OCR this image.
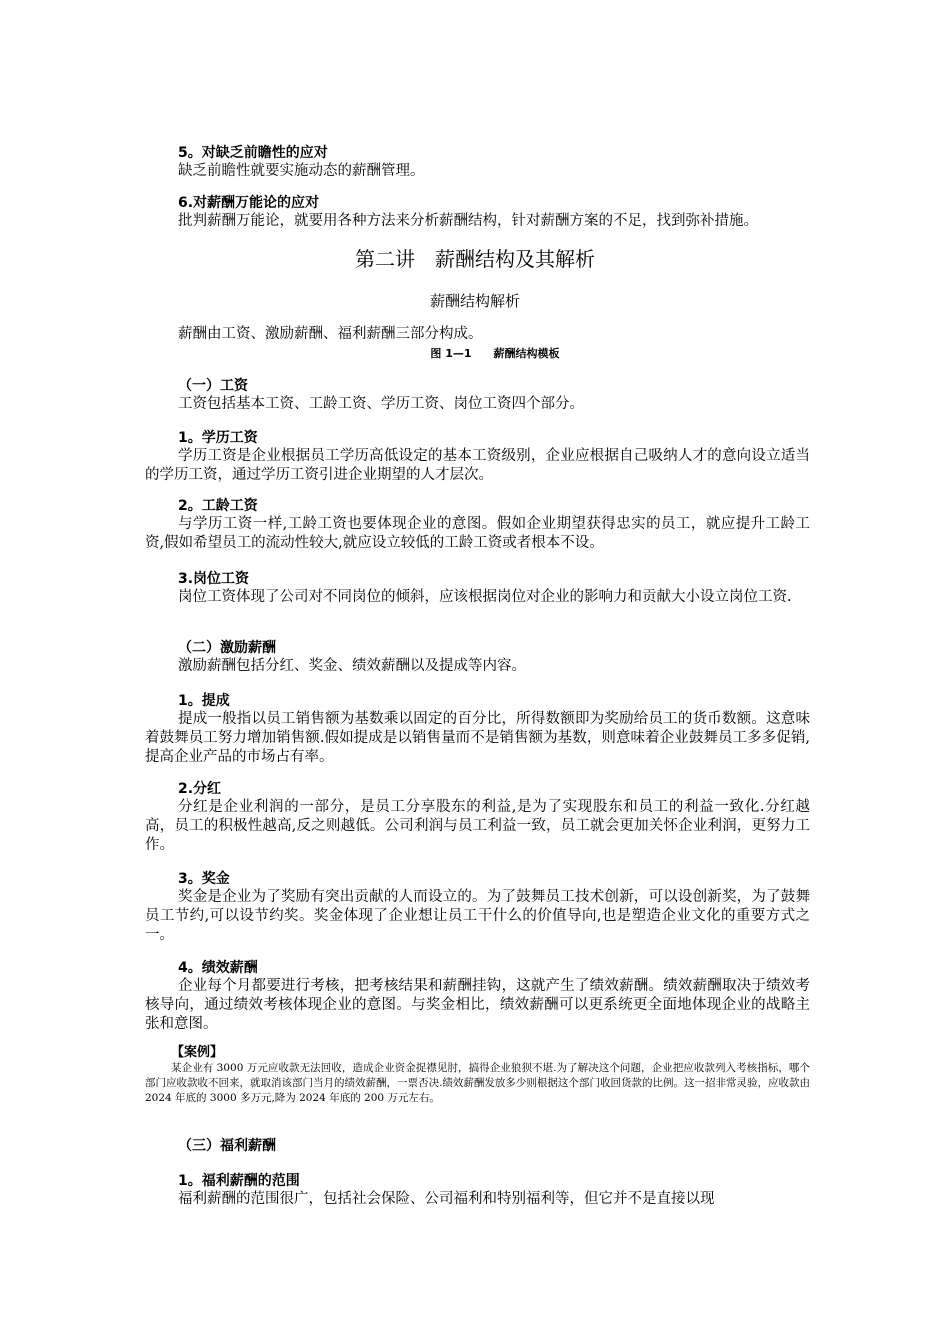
5。对缺乏前瞻性的应对

缺乏前瞻性就要实施动态的薪酬管理。

6.对薪酬万能论的应对

批判薪酬万能论，就要用各种方法来分析薪酬结构，针对薪酬方案的不足，找到弥补措施。

第二讲　薪酬结构及其解析

薪酬结构解析

薪酬由工资、激励薪酬、福利薪酬三部分构成。

图 1—1　　薪酬结构模板

（一）工资

工资包括基本工资、工龄工资、学历工资、岗位工资四个部分。

1。学历工资

学历工资是企业根据员工学历高低设定的基本工资级别，企业应根据自己吸纳人才的意向设立适当的学历工资，通过学历工资引进企业期望的人才层次。

2。工龄工资

与学历工资一样,工龄工资也要体现企业的意图。假如企业期望获得忠实的员工，就应提升工龄工资,假如希望员工的流动性较大,就应设立较低的工龄工资或者根本不设。

3.岗位工资

岗位工资体现了公司对不同岗位的倾斜，应该根据岗位对企业的影响力和贡献大小设立岗位工资.

（二）激励薪酬

激励薪酬包括分红、奖金、绩效薪酬以及提成等内容。

1。提成

提成一般指以员工销售额为基数乘以固定的百分比，所得数额即为奖励给员工的货币数额。这意味着鼓舞员工努力增加销售额.假如提成是以销售量而不是销售额为基数，则意味着企业鼓舞员工多多促销,提高企业产品的市场占有率。

2.分红

分红是企业利润的一部分，是员工分享股东的利益,是为了实现股东和员工的利益一致化.分红越高，员工的积极性越高,反之则越低。公司利润与员工利益一致，员工就会更加关怀企业利润，更努力工作。

3。奖金

奖金是企业为了奖励有突出贡献的人而设立的。为了鼓舞员工技术创新，可以设创新奖，为了鼓舞员工节约,可以设节约奖。奖金体现了企业想让员工干什么的价值导向,也是塑造企业文化的重要方式之一。

4。绩效薪酬

企业每个月都要进行考核，把考核结果和薪酬挂钩，这就产生了绩效薪酬。绩效薪酬取决于绩效考核导向，通过绩效考核体现企业的意图。与奖金相比，绩效薪酬可以更系统更全面地体现企业的战略主张和意图。

【案例】

某企业有 3000 万元应收款无法回收，造成企业资金捉襟见肘，搞得企业狼狈不堪.为了解决这个问题，企业把应收款列入考核指标，哪个部门应收款收不回来，就取消该部门当月的绩效薪酬，一票否决.绩效薪酬发放多少则根据这个部门收回货款的比例。这一招非常灵验，应收款由 2024 年底的 3000 多万元,降为 2024 年底的 200 万元左右。

（三）福利薪酬

1。福利薪酬的范围

福利薪酬的范围很广，包括社会保险、公司福利和特别福利等，但它并不是直接以现
